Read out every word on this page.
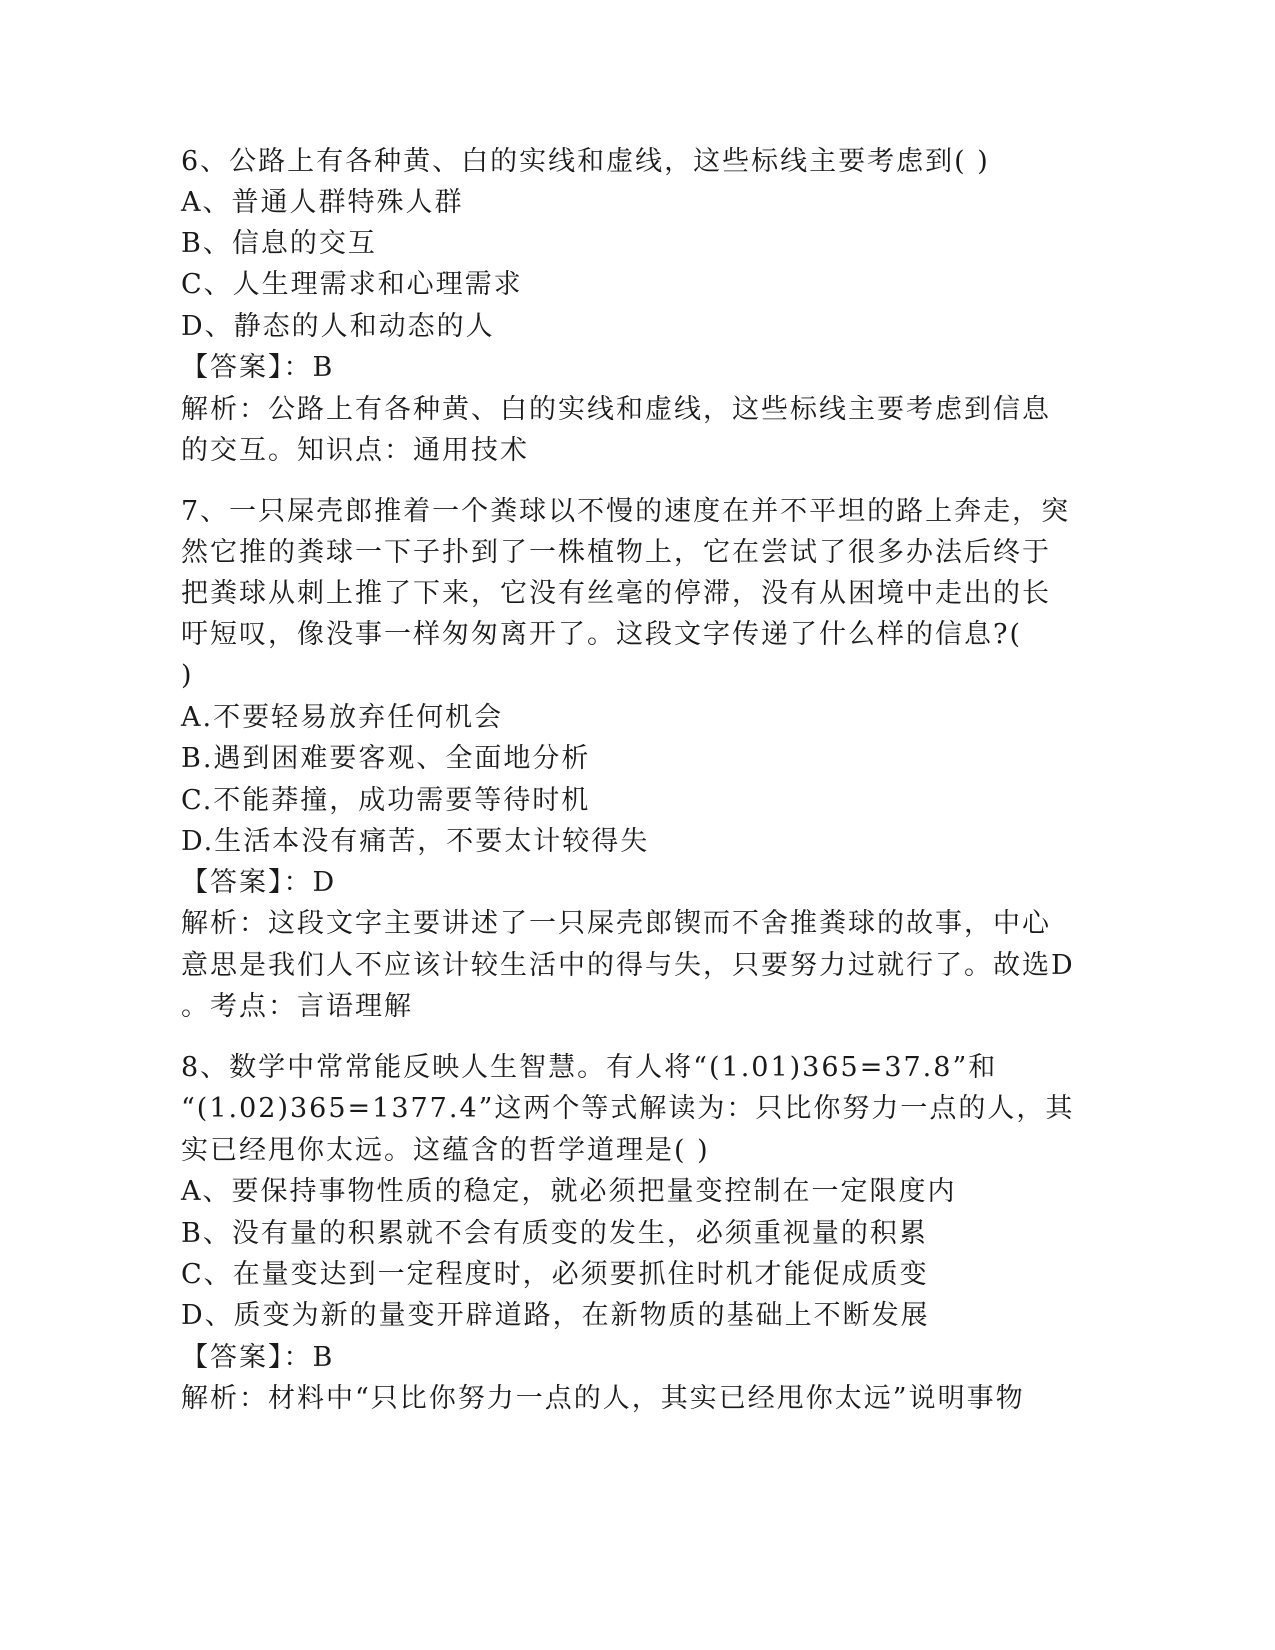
6、公路上有各种黄、白的实线和虚线，这些标线主要考虑到( )
A、普通人群特殊人群
B、信息的交互
C、人生理需求和心理需求
D、静态的人和动态的人
【答案】：B
解析：公路上有各种黄、白的实线和虚线，这些标线主要考虑到信息
的交互。知识点：通用技术
7、一只屎壳郎推着一个粪球以不慢的速度在并不平坦的路上奔走，突
然它推的粪球一下子扑到了一株植物上，它在尝试了很多办法后终于
把粪球从刺上推了下来，它没有丝毫的停滞，没有从困境中走出的长
吁短叹，像没事一样匆匆离开了。这段文字传递了什么样的信息?(
)
A.不要轻易放弃任何机会
B.遇到困难要客观、全面地分析
C.不能莽撞，成功需要等待时机
D.生活本没有痛苦，不要太计较得失
【答案】：D
解析：这段文字主要讲述了一只屎壳郎锲而不舍推粪球的故事，中心
意思是我们人不应该计较生活中的得与失，只要努力过就行了。故选D
。考点：言语理解
8、数学中常常能反映人生智慧。有人将“(1.01)365=37.8”和
“(1.02)365=1377.4”这两个等式解读为：只比你努力一点的人，其
实已经甩你太远。这蕴含的哲学道理是( )
A、要保持事物性质的稳定，就必须把量变控制在一定限度内
B、没有量的积累就不会有质变的发生，必须重视量的积累
C、在量变达到一定程度时，必须要抓住时机才能促成质变
D、质变为新的量变开辟道路，在新物质的基础上不断发展
【答案】：B
解析：材料中“只比你努力一点的人，其实已经甩你太远”说明事物
